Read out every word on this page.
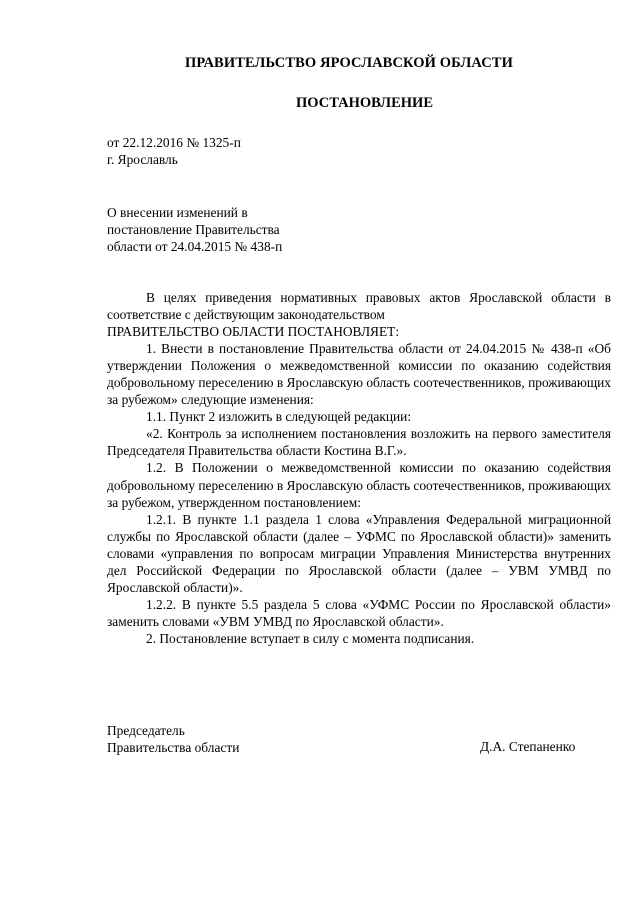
ПРАВИТЕЛЬСТВО ЯРОСЛАВСКОЙ ОБЛАСТИ
ПОСТАНОВЛЕНИЕ
от 22.12.2016 № 1325-п
г. Ярославль
О внесении изменений в
постановление Правительства
области от 24.04.2015 № 438-п

В целях приведения нормативных правовых актов Ярославской области в соответствие с действующим законодательством

ПРАВИТЕЛЬСТВО ОБЛАСТИ ПОСТАНОВЛЯЕТ:

1. Внести в постановление Правительства области от 24.04.2015 № 438-п «Об утверждении Положения о межведомственной комиссии по оказанию содействия добровольному переселению в Ярославскую область соотечественников, проживающих за рубежом» следующие изменения:

1.1. Пункт 2 изложить в следующей редакции:

«2. Контроль за исполнением постановления возложить на первого заместителя Председателя Правительства области Костина В.Г.».

1.2. В Положении о межведомственной комиссии по оказанию содействия добровольному переселению в Ярославскую область соотечественников, проживающих за рубежом, утвержденном постановлением:

1.2.1. В пункте 1.1 раздела 1 слова «Управления Федеральной миграционной службы по Ярославской области (далее – УФМС по Ярославской области)» заменить словами «управления по вопросам миграции Управления Министерства внутренних дел Российской Федерации по Ярославской области (далее – УВМ УМВД по Ярославской области)».

1.2.2. В пункте 5.5 раздела 5 слова «УФМС России по Ярославской области» заменить словами «УВМ УМВД по Ярославской области».

2. Постановление вступает в силу с момента подписания.

Председатель
Правительства области	Д.А. Степаненко
